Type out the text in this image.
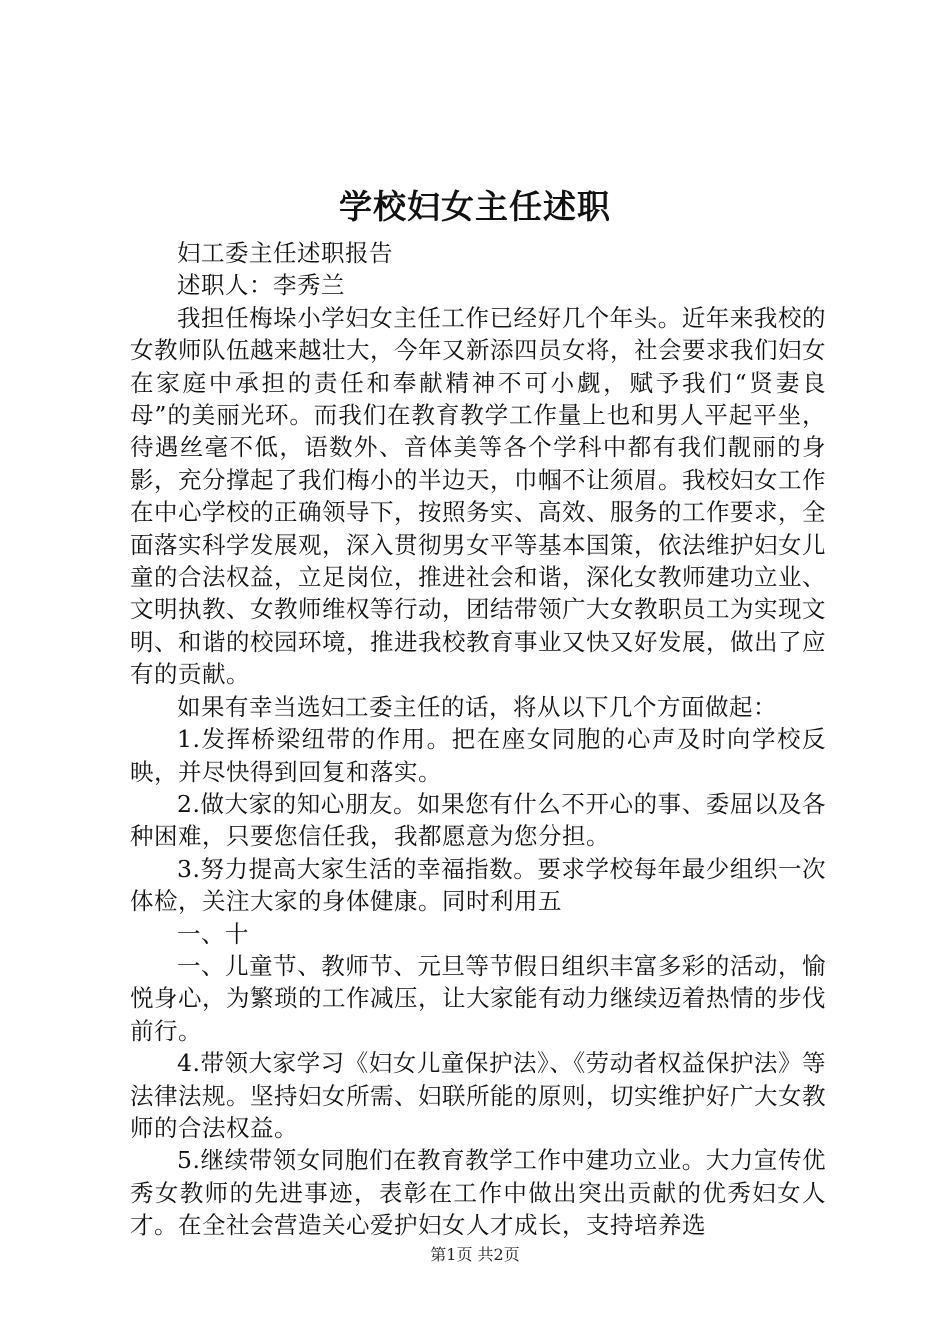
学校妇女主任述职

妇工委主任述职报告

述职人：李秀兰

我担任梅垛小学妇女主任工作已经好几个年头。近年来我校的女教师队伍越来越壮大，今年又新添四员女将，社会要求我们妇女在家庭中承担的责任和奉献精神不可小觑，赋予我们“贤妻良母”的美丽光环。而我们在教育教学工作量上也和男人平起平坐，待遇丝毫不低，语数外、音体美等各个学科中都有我们靓丽的身影，充分撑起了我们梅小的半边天，巾帼不让须眉。我校妇女工作在中心学校的正确领导下，按照务实、高效、服务的工作要求，全面落实科学发展观，深入贯彻男女平等基本国策，依法维护妇女儿童的合法权益，立足岗位，推进社会和谐，深化女教师建功立业、文明执教、女教师维权等行动，团结带领广大女教职员工为实现文明、和谐的校园环境，推进我校教育事业又快又好发展，做出了应有的贡献。

如果有幸当选妇工委主任的话，将从以下几个方面做起：

1.发挥桥梁纽带的作用。把在座女同胞的心声及时向学校反映，并尽快得到回复和落实。

2.做大家的知心朋友。如果您有什么不开心的事、委屈以及各种困难，只要您信任我，我都愿意为您分担。

3.努力提高大家生活的幸福指数。要求学校每年最少组织一次体检，关注大家的身体健康。同时利用五

一、十

一、儿童节、教师节、元旦等节假日组织丰富多彩的活动，愉悦身心，为繁琐的工作减压，让大家能有动力继续迈着热情的步伐前行。

4.带领大家学习《妇女儿童保护法》、《劳动者权益保护法》等法律法规。坚持妇女所需、妇联所能的原则，切实维护好广大女教师的合法权益。

5.继续带领女同胞们在教育教学工作中建功立业。大力宣传优秀女教师的先进事迹，表彰在工作中做出突出贡献的优秀妇女人才。在全社会营造关心爱护妇女人才成长，支持培养选

第1页 共2页
